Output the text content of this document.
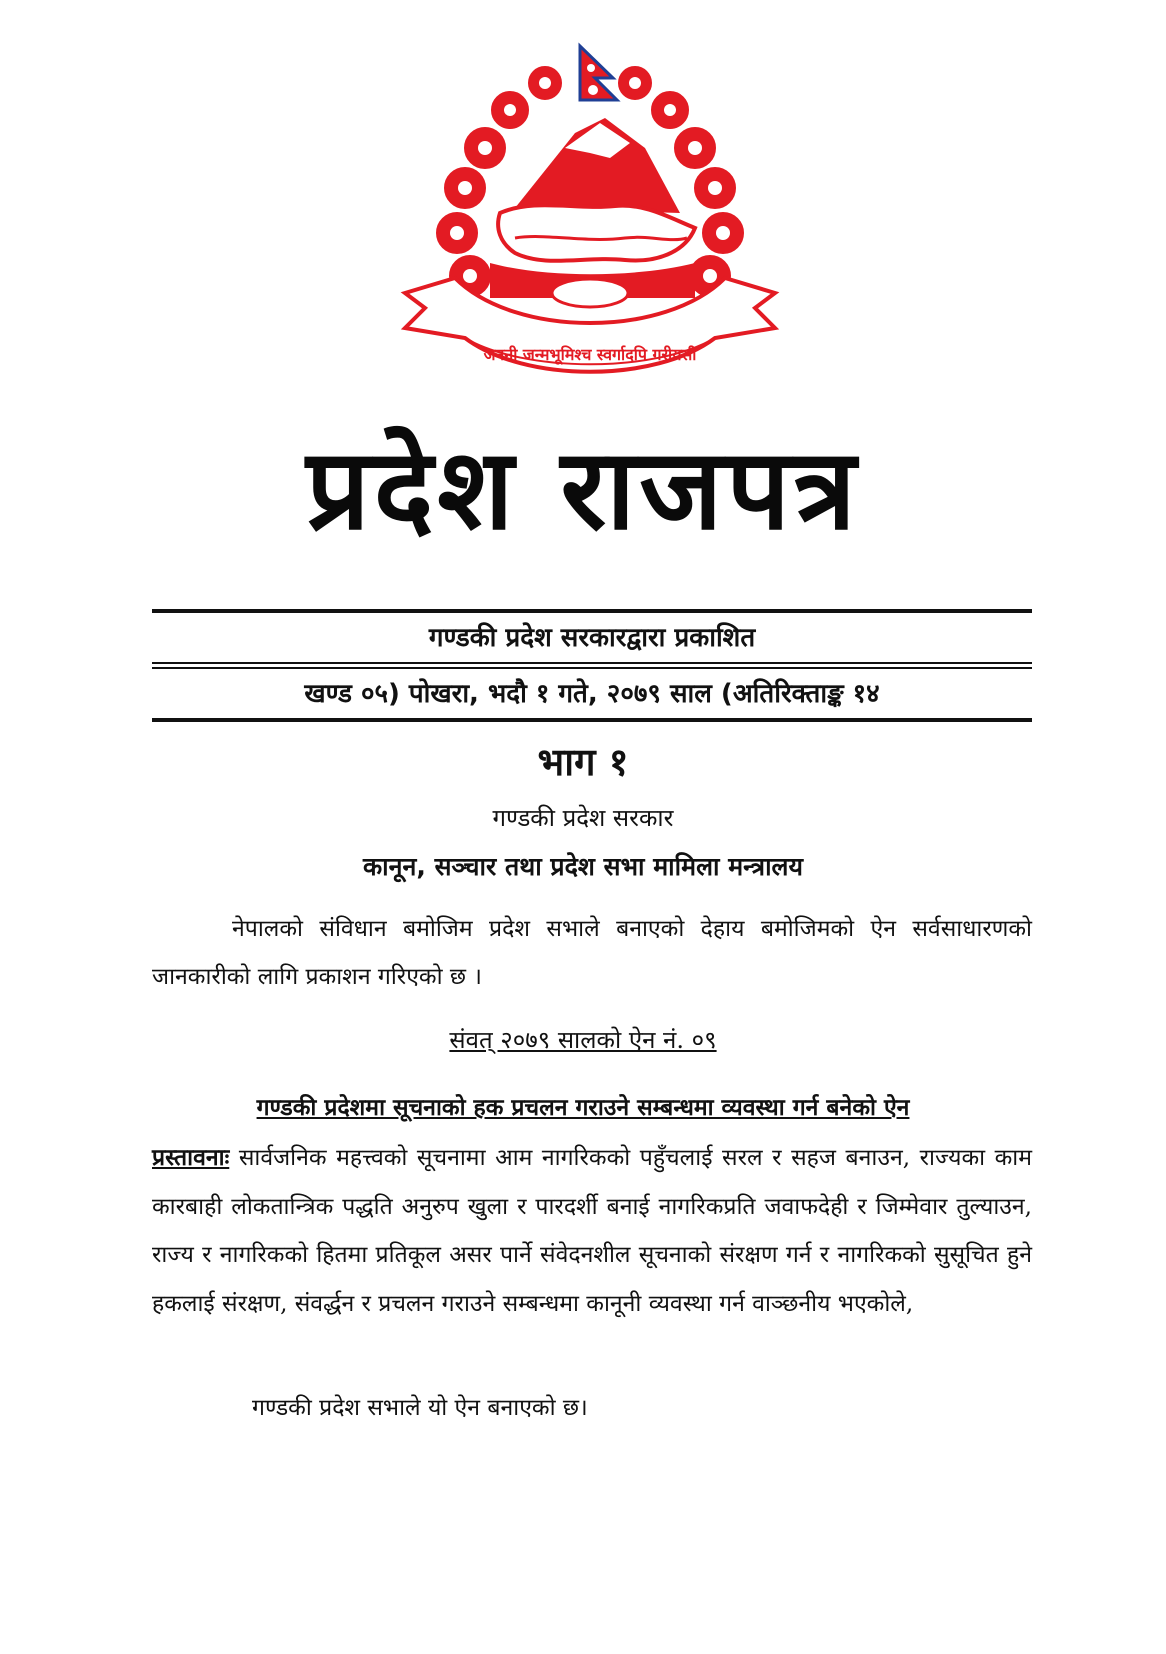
जननी जन्मभूमिश्च स्वर्गादपि गरीयसी
प्रदेश राजपत्र
गण्डकी प्रदेश सरकारद्वारा प्रकाशित
खण्ड ०५) पोखरा, भदौ १ गते, २०७९ साल (अतिरिक्ताङ्क १४
भाग १
गण्डकी प्रदेश सरकार
कानून, सञ्चार तथा प्रदेश सभा मामिला मन्त्रालय
नेपालको संविधान बमोजिम प्रदेश सभाले बनाएको देहाय बमोजिमको ऐन सर्वसाधारणको जानकारीको लागि प्रकाशन गरिएको छ ।
संवत् २०७९ सालको ऐन नं. ०९
गण्डकी प्रदेशमा सूचनाको हक प्रचलन गराउने सम्बन्धमा व्यवस्था गर्न बनेको ऐन
प्रस्तावनाः सार्वजनिक महत्त्वको सूचनामा आम नागरिकको पहुँचलाई सरल र सहज बनाउन, राज्यका काम कारबाही लोकतान्त्रिक पद्धति अनुरुप खुला र पारदर्शी बनाई नागरिकप्रति जवाफदेही र जिम्मेवार तुल्याउन, राज्य र नागरिकको हितमा प्रतिकूल असर पार्ने संवेदनशील सूचनाको संरक्षण गर्न र नागरिकको सुसूचित हुने हकलाई संरक्षण, संवर्द्धन र प्रचलन गराउने सम्बन्धमा कानूनी व्यवस्था गर्न वाञ्छनीय भएकोले,
गण्डकी प्रदेश सभाले यो ऐन बनाएको छ।
